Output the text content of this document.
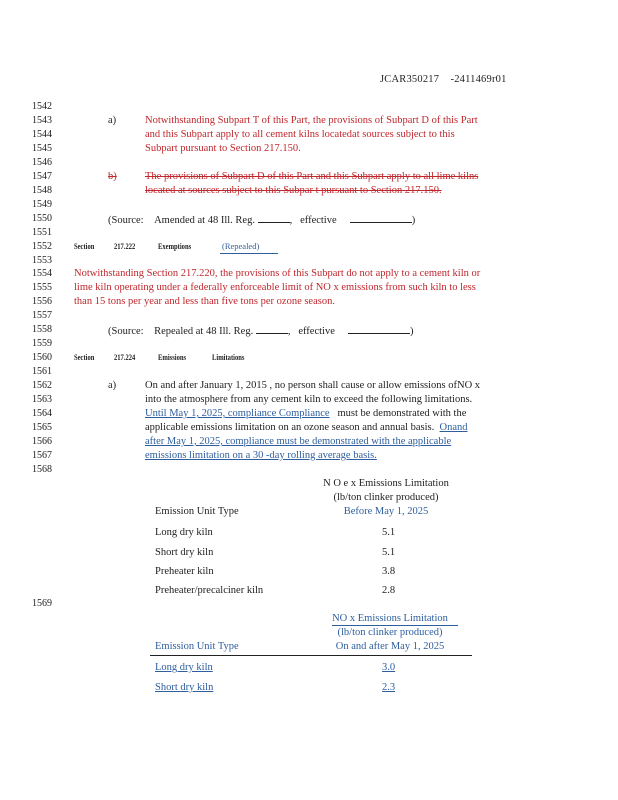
JCAR350217 -2411469r01
1542
1543
1544
1545
1546
1547
1548
1549
1550
1551
1552
1553
1554
1555
1556
1557
1558
1559
1560
1561
1562
1563
1564
1565
1566
1567
1568
1569
a)	Notwithstanding Subpart T of this Part, the provisions of Subpart D of this Part
and this Subpart apply to all cement kilns locatedat sources subject to this
Subpart pursuant to Section 217.150.
b)	The provisions of Subpart D of this Part and this Subpart apply to all lime kilns
located at sources subject to this Subpar t pursuant to Section 217.150.
(Source: Amended at 48 Ill. Reg.	, effective	)
Section 217.222	Exemptions	(Repealed)
Notwithstanding Section 217.220, the provisions of this Subpart do not apply to a cement kiln or
lime kiln operating under a federally enforceable limit of NO x emissions from such kiln to less
than 15 tons per year and less than five tons per ozone season.
(Source: Repealed at 48 Ill. Reg.	, effective	)
Section 217.224	Emissions	Limitations
a)	On and after January 1, 2015 , no person shall cause or allow emissions ofNO x
into the atmosphere from any cement kiln to exceed the following limitations.
Until May 1, 2025, compliance Compliance must be demonstrated with the
applicable emissions limitation on an ozone season and annual basis. Onand
after May 1, 2025, compliance must be demonstrated with the applicable
emissions limitation on a 30 -day rolling average basis.
N O e x Emissions Limitation
(lb/ton clinker produced)
Before May 1, 2025
Emission Unit Type
Long dry kiln	5.1
Short dry kiln	5.1
Preheater kiln	3.8
Preheater/precalciner kiln	2.8
NO x Emissions Limitation
(lb/ton clinker produced)
On and after May 1, 2025
Emission Unit Type
Long dry kiln	3.0
Short dry kiln	2.3
